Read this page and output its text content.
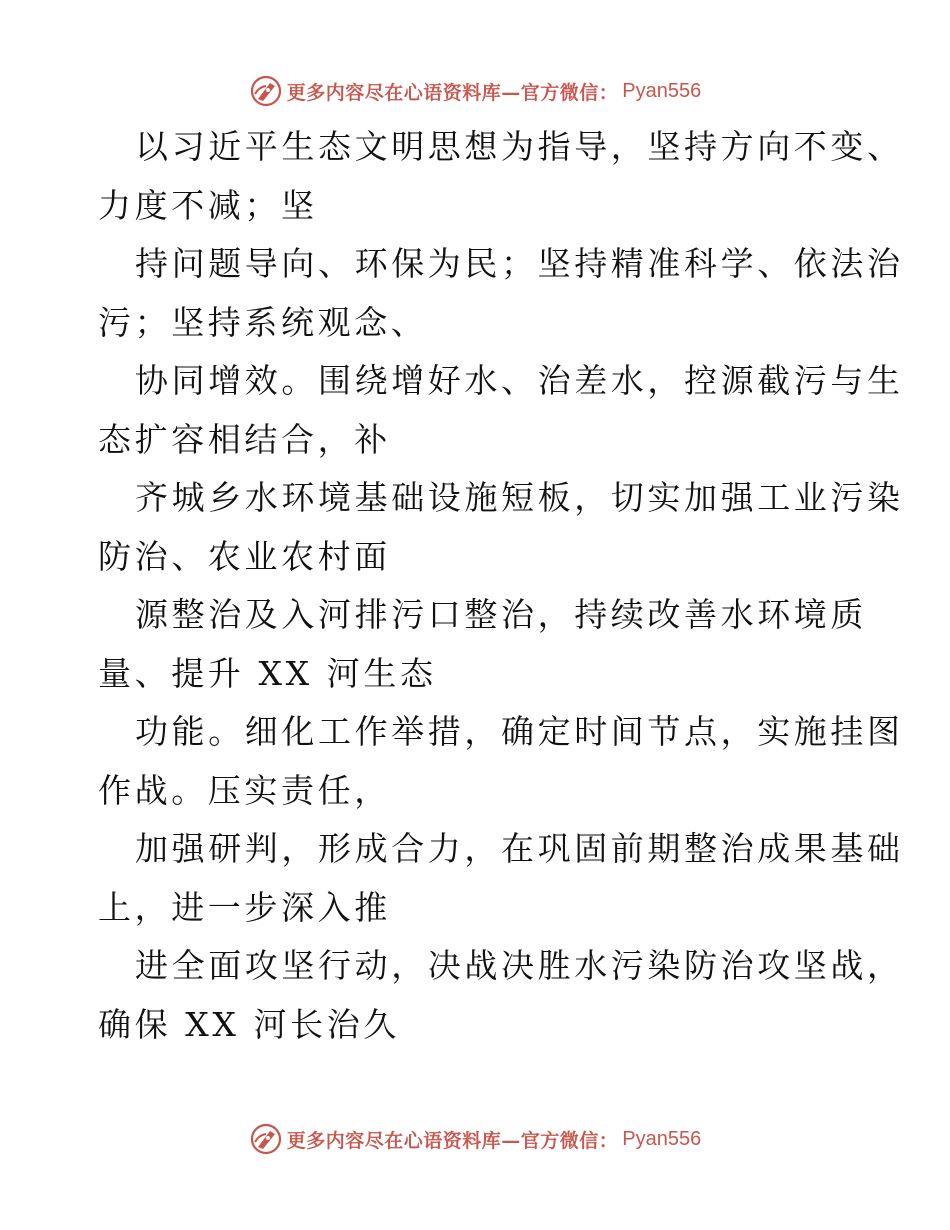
更多内容尽在心语资料库—官方微信： Pyan556
以习近平生态文明思想为指导，坚持方向不变、
力度不减；坚
持问题导向、环保为民；坚持精准科学、依法治
污；坚持系统观念、
协同增效。围绕增好水、治差水，控源截污与生
态扩容相结合，补
齐城乡水环境基础设施短板，切实加强工业污染
防治、农业农村面
源整治及入河排污口整治，持续改善水环境质
量、提升 XX 河生态
功能。细化工作举措，确定时间节点，实施挂图
作战。压实责任，
加强研判，形成合力，在巩固前期整治成果基础
上，进一步深入推
进全面攻坚行动，决战决胜水污染防治攻坚战，
确保 XX 河长治久
更多内容尽在心语资料库—官方微信： Pyan556
